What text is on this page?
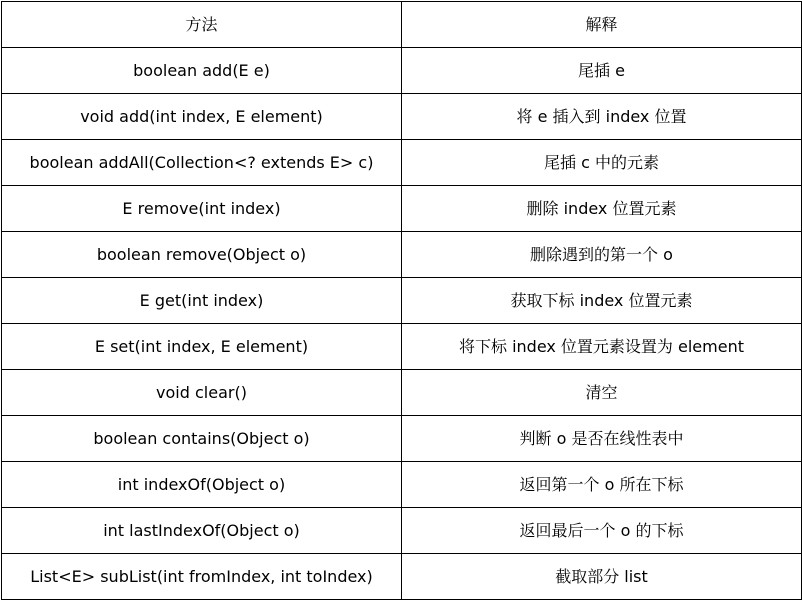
方法	解释
boolean add(E e)	尾插 e
void add(int index, E element)	将 e 插入到 index 位置
boolean addAll(Collection<? extends E> c)	尾插 c 中的元素
E remove(int index)	删除 index 位置元素
boolean remove(Object o)	删除遇到的第一个 o
E get(int index)	获取下标 index 位置元素
E set(int index, E element)	将下标 index 位置元素设置为 element
void clear()	清空
boolean contains(Object o)	判断 o 是否在线性表中
int indexOf(Object o)	返回第一个 o 所在下标
int lastIndexOf(Object o)	返回最后一个 o 的下标
List<E> subList(int fromIndex, int toIndex)	截取部分 list
